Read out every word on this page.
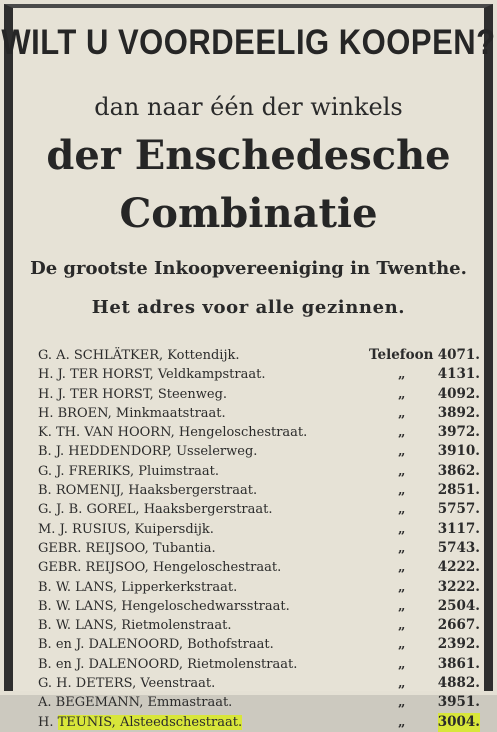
WILT U VOORDEELIG KOOPEN?
dan naar één der winkels
der Enschedesche
Combinatie
De grootste Inkoopvereeniging in Twenthe.
Het adres voor alle gezinnen.
G. A. SCHLÄTKER, Kottendijk.	Telefoon 4071.
H. J. TER HORST, Veldkampstraat.	„ 4131.
H. J. TER HORST, Steenweg.	„ 4092.
H. BROEN, Minkmaatstraat.	„ 3892.
K. TH. VAN HOORN, Hengeloschestraat.	„ 3972.
B. J. HEDDENDORP, Usselerweg.	„ 3910.
G. J. FRERIKS, Pluimstraat.	„ 3862.
B. ROMENIJ, Haaksbergerstraat.	„ 2851.
G. J. B. GOREL, Haaksbergerstraat.	„ 5757.
M. J. RUSIUS, Kuipersdijk.	„ 3117.
GEBR. REIJSOO, Tubantia.	„ 5743.
GEBR. REIJSOO, Hengeloschestraat.	„ 4222.
B. W. LANS, Lipperkerkstraat.	„ 3222.
B. W. LANS, Hengeloschedwarsstraat.	„ 2504.
B. W. LANS, Rietmolenstraat.	„ 2667.
B. en J. DALENOORD, Bothofstraat.	„ 2392.
B. en J. DALENOORD, Rietmolenstraat.	„ 3861.
G. H. DETERS, Veenstraat.	„ 4882.
A. BEGEMANN, Emmastraat.	„ 3951.
H. TEUNIS, Alsteedschestraat.	„ 3004.
